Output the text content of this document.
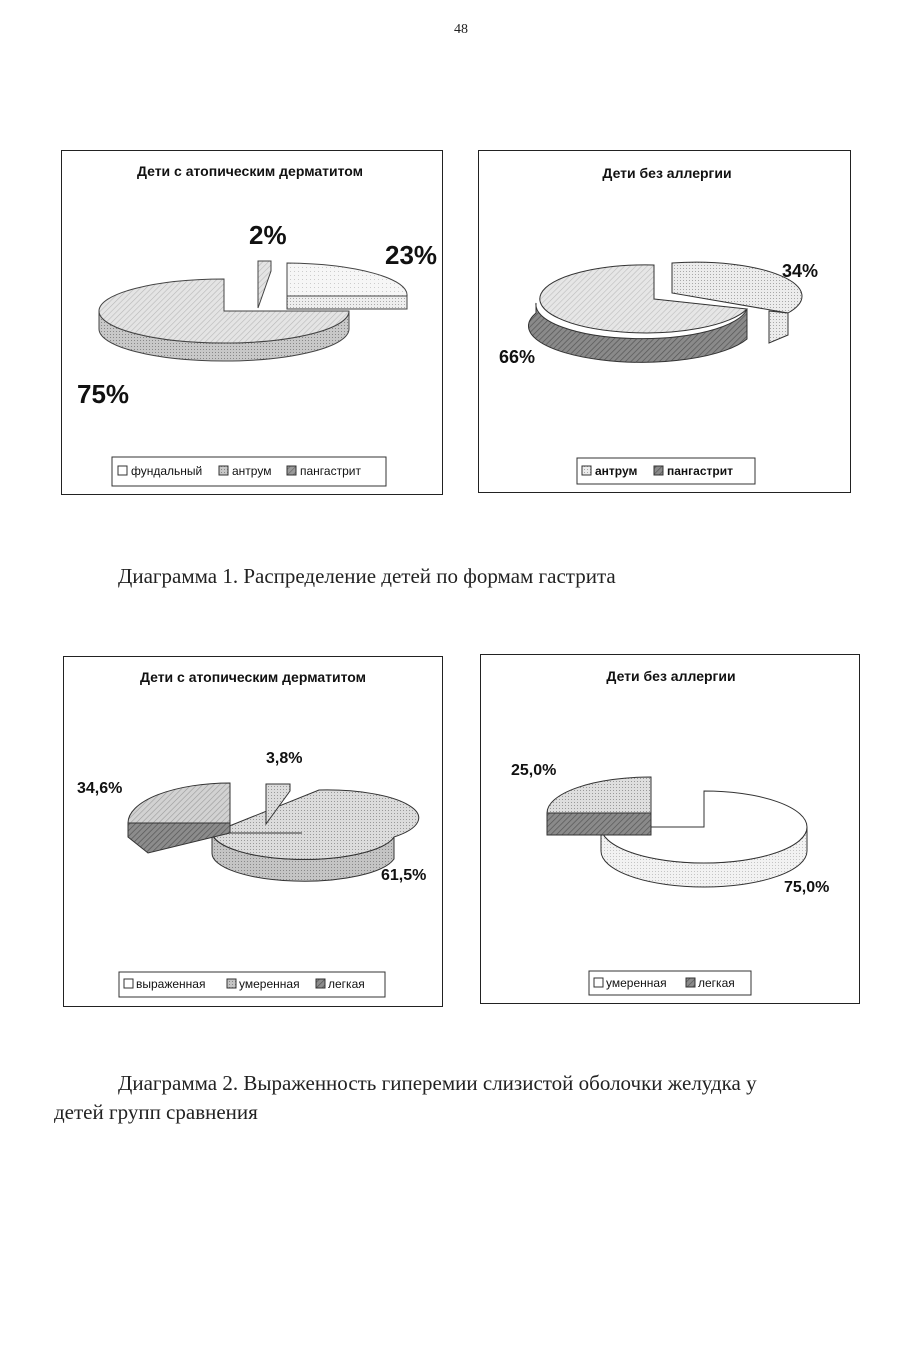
48
Дети с атопическим дерматитом
2%
23%
75%
фундальный антрум пангастрит
Дети без аллергии
34%
66%
антрум пангастрит
Диаграмма 1. Распределение детей по формам гастрита
Дети с атопическим дерматитом
3,8%
34,6%
61,5%
выраженная	умеренная легкая
Дети без аллергии
25,0%
75,0%
умеренная	легкая
Диаграмма 2. Выраженность гиперемии слизистой оболочки желудка у
детей групп сравнения
